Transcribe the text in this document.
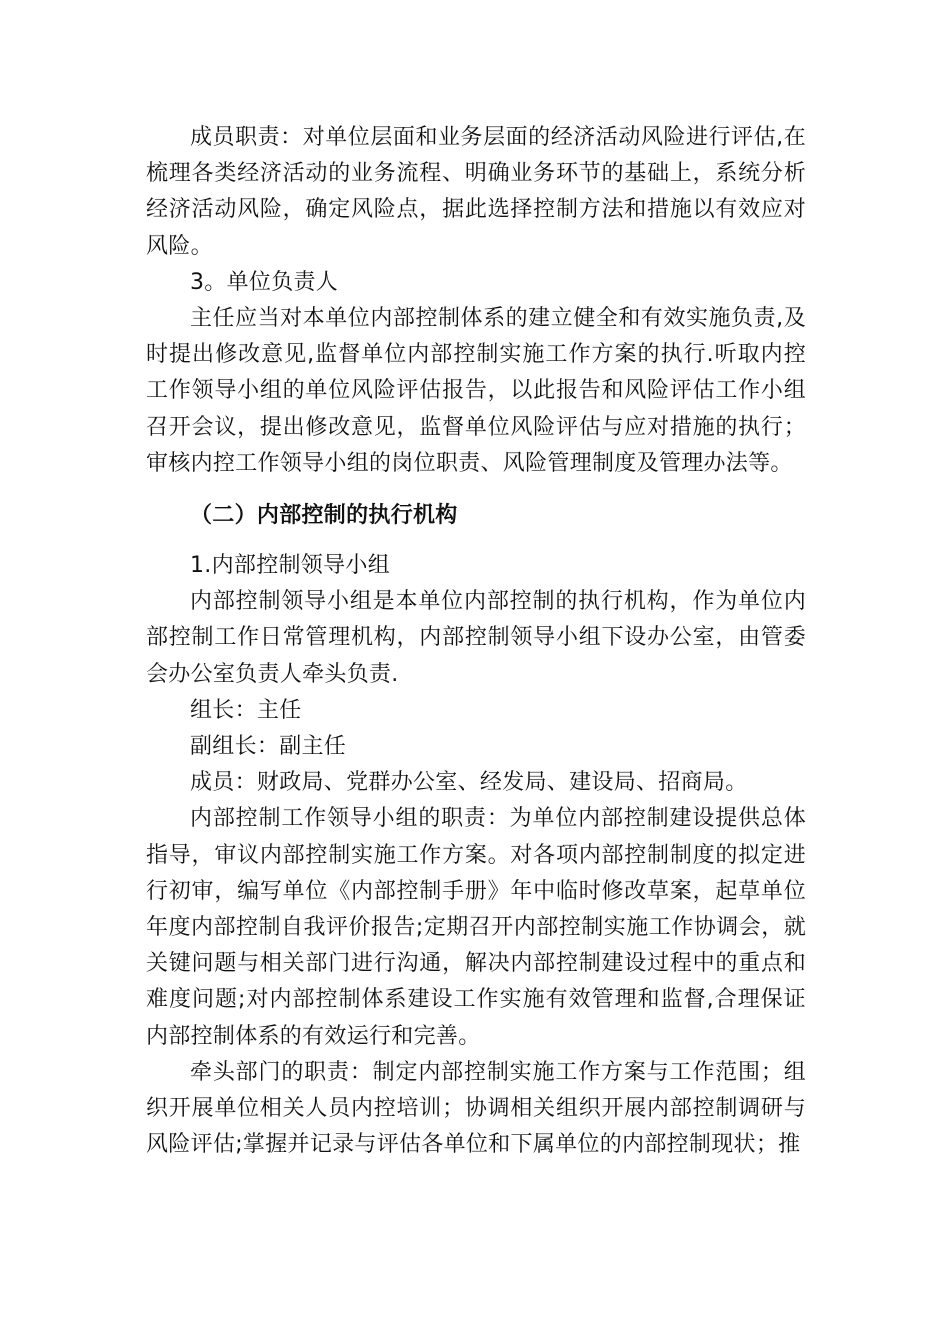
成员职责：对单位层面和业务层面的经济活动风险进行评估,在梳理各类经济活动的业务流程、明确业务环节的基础上，系统分析经济活动风险，确定风险点，据此选择控制方法和措施以有效应对风险。

3。单位负责人

主任应当对本单位内部控制体系的建立健全和有效实施负责,及时提出修改意见,监督单位内部控制实施工作方案的执行.听取内控工作领导小组的单位风险评估报告，以此报告和风险评估工作小组召开会议，提出修改意见，监督单位风险评估与应对措施的执行；审核内控工作领导小组的岗位职责、风险管理制度及管理办法等。

（二）内部控制的执行机构

1.内部控制领导小组

内部控制领导小组是本单位内部控制的执行机构，作为单位内部控制工作日常管理机构，内部控制领导小组下设办公室，由管委会办公室负责人牵头负责.

组长：主任

副组长：副主任

成员：财政局、党群办公室、经发局、建设局、招商局。

内部控制工作领导小组的职责：为单位内部控制建设提供总体指导，审议内部控制实施工作方案。对各项内部控制制度的拟定进行初审，编写单位《内部控制手册》年中临时修改草案，起草单位年度内部控制自我评价报告;定期召开内部控制实施工作协调会，就关键问题与相关部门进行沟通，解决内部控制建设过程中的重点和难度问题;对内部控制体系建设工作实施有效管理和监督,合理保证内部控制体系的有效运行和完善。

牵头部门的职责：制定内部控制实施工作方案与工作范围；组织开展单位相关人员内控培训；协调相关组织开展内部控制调研与风险评估;掌握并记录与评估各单位和下属单位的内部控制现状；推
